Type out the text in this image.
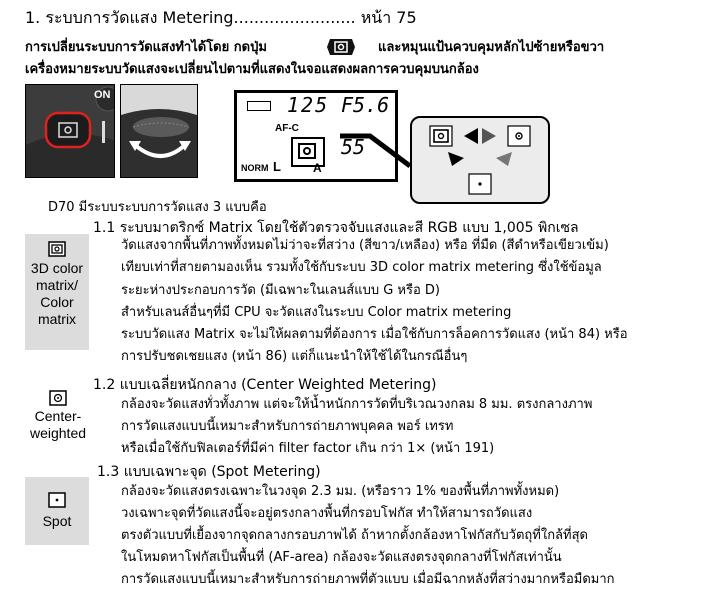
1. ระบบการวัดแสง Metering........................ หน้า 75
การเปลี่ยนระบบการวัดแสงทำได้โดย กดปุ่ม	และหมุนแป้นควบคุมหลักไปซ้ายหรือขวา
เครื่องหมายระบบวัดแสงจะเปลี่ยนไปตามที่แสดงในจอแสดงผลการควบคุมบนกล้อง
ON	125 F5.6
AF-C
55
NORM L	A
D70 มีระบบระบบการวัดแสง 3 แบบคือ
1.1 ระบบมาตริกซ์ Matrix โดยใช้ตัวตรวจจับแสงและสี RGB แบบ 1,005 พิกเซล
3D color matrix/ Color matrix
วัดแสงจากพื้นที่ภาพทั้งหมดไม่ว่าจะที่สว่าง (สีขาว/เหลือง) หรือ ที่มืด (สีดำหรือเขียวเข้ม)
เทียบเท่าที่สายตามองเห็น รวมทั้งใช้กับระบบ 3D color matrix metering ซึ่งใช้ข้อมูล
ระยะห่างประกอบการวัด (มีเฉพาะในเลนส์แบบ G หรือ D)
สำหรับเลนส์อื่นๆที่มี CPU จะวัดแสงในระบบ Color matrix metering
ระบบวัดแสง Matrix จะไม่ให้ผลตามที่ต้องการ เมื่อใช้กับการล็อคการวัดแสง (หน้า 84) หรือ
การปรับชดเชยแสง (หน้า 86) แต่ก็แนะนำให้ใช้ได้ในกรณีอื่นๆ
1.2 แบบเฉลี่ยหนักกลาง (Center Weighted Metering)
Center-weighted
กล้องจะวัดแสงทั่วทั้งภาพ แต่จะให้น้ำหนักการวัดที่บริเวณวงกลม 8 มม. ตรงกลางภาพ
การวัดแสงแบบนี้เหมาะสำหรับการถ่ายภาพบุคคล พอร์ เทรท
หรือเมื่อใช้กับฟิลเตอร์ที่มีค่า filter factor เกิน กว่า 1× (หน้า 191)
1.3 แบบเฉพาะจุด (Spot Metering)
Spot
กล้องจะวัดแสงตรงเฉพาะในวงจุด 2.3 มม. (หรือราว 1% ของพื้นที่ภาพทั้งหมด)
วงเฉพาะจุดที่วัดแสงนี้จะอยู่ตรงกลางพื้นที่กรอบโฟกัส ทำให้สามารถวัดแสง
ตรงตัวแบบที่เยื้องจากจุดกลางกรอบภาพได้ ถ้าหากตั้งกล้องหาโฟกัสกับวัตถุที่ใกล้ที่สุด
ในโหมดหาโฟกัสเป็นพื้นที่ (AF-area) กล้องจะวัดแสงตรงจุดกลางที่โฟกัสเท่านั้น
การวัดแสงแบบนี้เหมาะสำหรับการถ่ายภาพที่ตัวแบบ เมื่อมีฉากหลังที่สว่างมากหรือมืดมาก
